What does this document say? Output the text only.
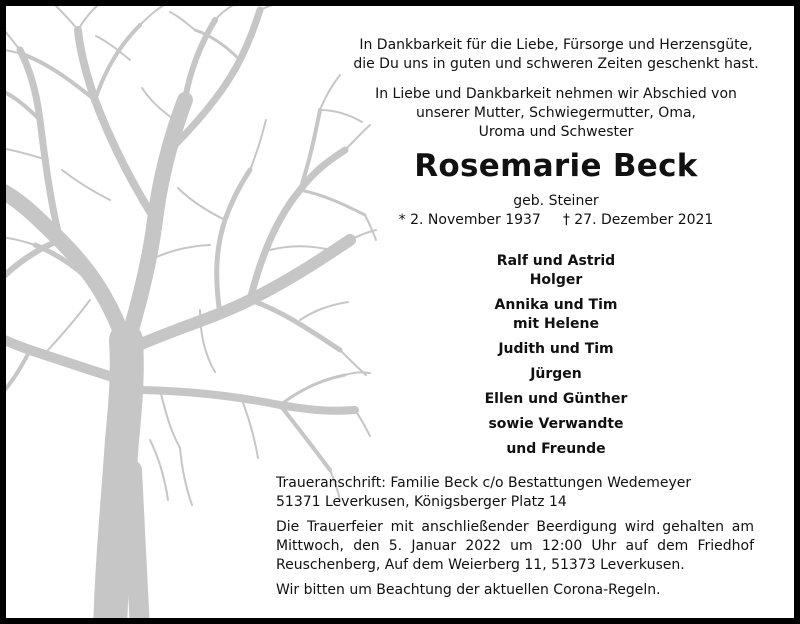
In Dankbarkeit für die Liebe, Fürsorge und Herzensgüte,
die Du uns in guten und schweren Zeiten geschenkt hast.
In Liebe und Dankbarkeit nehmen wir Abschied von
unserer Mutter, Schwiegermutter, Oma,
Uroma und Schwester
Rosemarie Beck
geb. Steiner
* 2. November 1937 † 27. Dezember 2021
Ralf und Astrid
Holger
Annika und Tim
mit Helene
Judith und Tim
Jürgen
Ellen und Günther
sowie Verwandte
und Freunde
Traueranschrift: Familie Beck c/o Bestattungen Wedemeyer
51371 Leverkusen, Königsberger Platz 14
Die Trauerfeier mit anschließender Beerdigung wird gehalten am
Mittwoch, den 5. Januar 2022 um 12:00 Uhr auf dem Friedhof
Reuschenberg, Auf dem Weierberg 11, 51373 Leverkusen.
Wir bitten um Beachtung der aktuellen Corona-Regeln.
